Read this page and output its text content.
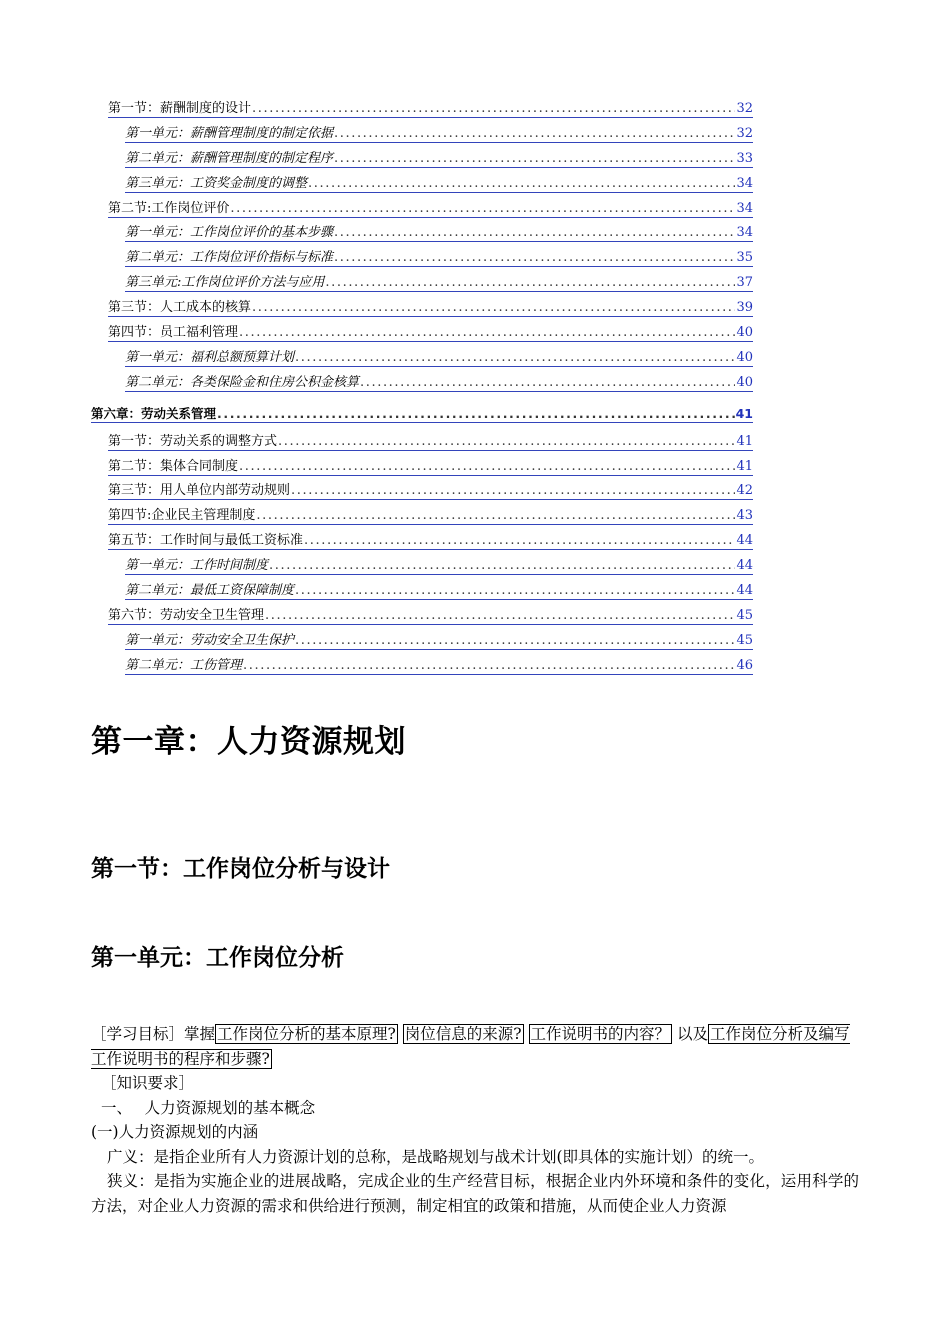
第一节：薪酬制度的设计 .....	32
第一单元：薪酬管理制度的制定依据 .....	32
第二单元：薪酬管理制度的制定程序 .....	33
第三单元：工资奖金制度的调整 .....	34
第二节:工作岗位评价 .....	34
第一单元：工作岗位评价的基本步骤 .....	34
第二单元：工作岗位评价指标与标准 .....	35
第三单元:工作岗位评价方法与应用 .....	37
第三节：人工成本的核算 .....	39
第四节：员工福利管理 .....	40
第一单元：福利总额预算计划 .....	40
第二单元：各类保险金和住房公积金核算 .....	40
第六章：劳动关系管理 .....	41
第一节：劳动关系的调整方式 .....	41
第二节：集体合同制度 .....	41
第三节：用人单位内部劳动规则 .....	42
第四节:企业民主管理制度 .....	43
第五节：工作时间与最低工资标准 .....	44
第一单元：工作时间制度 .....	44
第二单元：最低工资保障制度 .....	44
第六节：劳动安全卫生管理 .....	45
第一单元：劳动安全卫生保护 .....	45
第二单元：工伤管理 .....	46
第一章：人力资源规划
第一节：工作岗位分析与设计
第一单元：工作岗位分析

［学习目标］掌握 工作岗位分析的基本原理? 岗位信息的来源? 工作说明书的内容？ 以及 工作岗位分析及编写工作说明书的程序和步骤?

［知识要求］

一、　 人力资源规划的基本概念

(一)人力资源规划的内涵

广义：是指企业所有人力资源计划的总称，是战略规划与战术计划(即具体的实施计划）的统一。

狭义：是指为实施企业的进展战略，完成企业的生产经营目标，根据企业内外环境和条件的变化，运用科学的方法，对企业人力资源的需求和供给进行预测，制定相宜的政策和措施，从而使企业人力资源
